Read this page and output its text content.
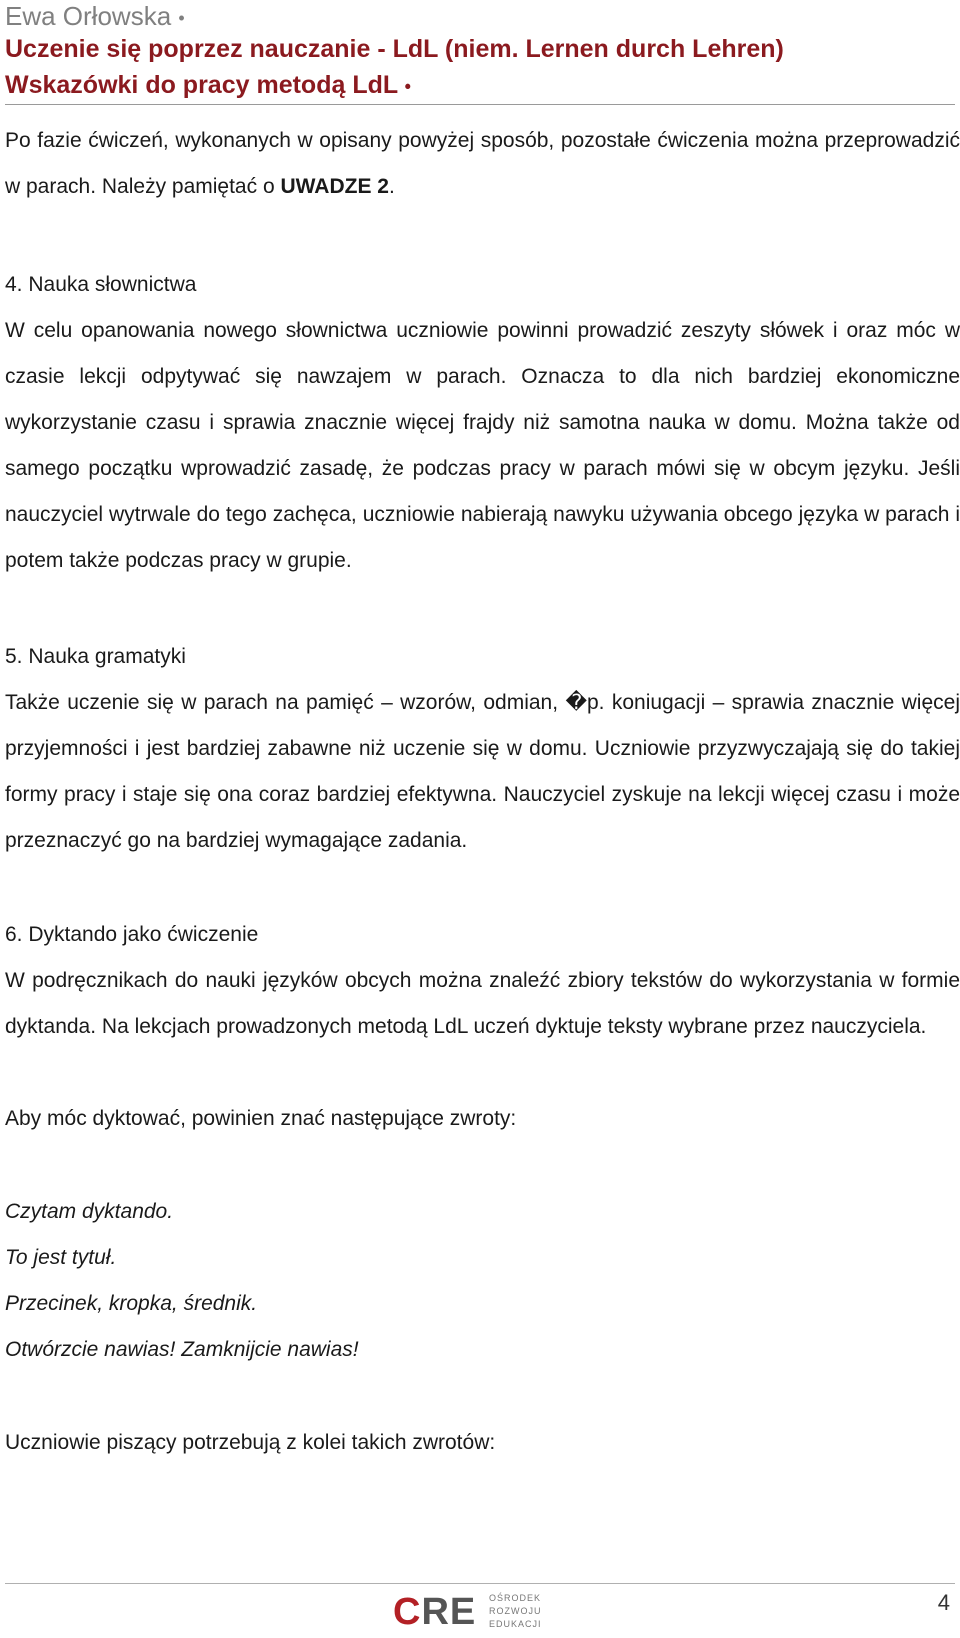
Ewa Orłowska •
Uczenie się poprzez nauczanie - LdL (niem. Lernen durch Lehren)
Wskazówki do pracy metodą LdL •

Po fazie ćwiczeń, wykonanych w opisany powyżej sposób, pozostałe ćwiczenia można przeprowadzić w parach. Należy pamiętać o UWADZE 2.

4. Nauka słownictwa

W celu opanowania nowego słownictwa uczniowie powinni prowadzić zeszyty słówek i oraz móc w czasie lekcji odpytywać się nawzajem w parach. Oznacza to dla nich bardziej ekonomiczne wykorzystanie czasu i sprawia znacznie więcej frajdy niż samotna nauka w domu. Można także od samego początku wprowadzić zasadę, że podczas pracy w parach mówi się w obcym języku. Jeśli nauczyciel wytrwale do tego zachęca, uczniowie nabierają nawyku używania obcego języka w parach i potem także podczas pracy w grupie.

5. Nauka gramatyki

Także uczenie się w parach na pamięć – wzorów, odmian, �p. koniugacji – sprawia znacznie więcej przyjemności i jest bardziej zabawne niż uczenie się w domu. Uczniowie przyzwyczajają się do takiej formy pracy i staje się ona coraz bardziej efektywna. Nauczyciel zyskuje na lekcji więcej czasu i może przeznaczyć go na bardziej wymagające zadania.

6. Dyktando jako ćwiczenie

W podręcznikach do nauki języków obcych można znaleźć zbiory tekstów do wykorzystania w formie dyktanda. Na lekcjach prowadzonych metodą LdL uczeń dyktuje teksty wybrane przez nauczyciela.

Aby móc dyktować, powinien znać następujące zwroty:

Czytam dyktando.

To jest tytuł.

Przecinek, kropka, średnik.

Otwórzcie nawias! Zamknijcie nawias!

Uczniowie piszący potrzebują z kolei takich zwrotów:

CRE OŚRODEK
ROZWOJU
EDUKACJI
4
